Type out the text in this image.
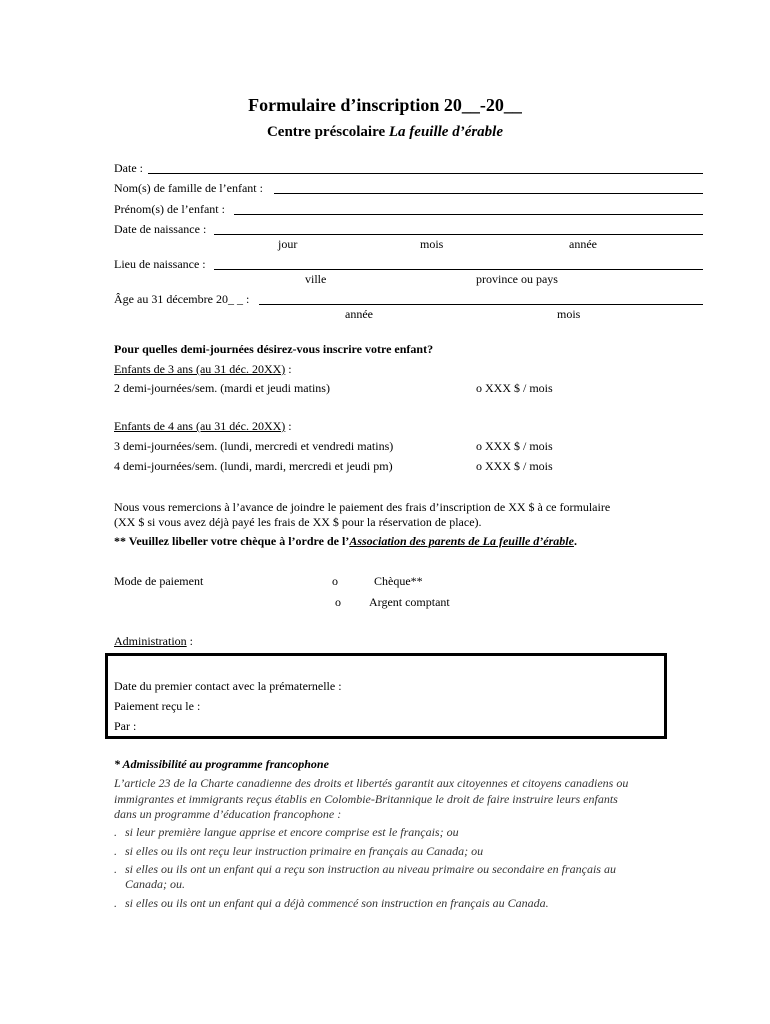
Formulaire d’inscription 20__-20__
Centre préscolaire La feuille d’érable
Date :
Nom(s) de famille de l’enfant :
Prénom(s) de l’enfant :
Date de naissance :
jour	mois	année
Lieu de naissance :
ville	province ou pays
Âge au 31 décembre 20_ _ :
année	mois
Pour quelles demi-journées désirez-vous inscrire votre enfant?
Enfants de 3 ans (au 31 déc. 20XX) :
2 demi-journées/sem. (mardi et jeudi matins)	o XXX $ / mois
Enfants de 4 ans (au 31 déc. 20XX) :
3 demi-journées/sem. (lundi, mercredi et vendredi matins)	o XXX $ / mois
4 demi-journées/sem. (lundi, mardi, mercredi et jeudi pm)	o XXX $ / mois
Nous vous remercions à l’avance de joindre le paiement des frais d’inscription de XX $ à ce formulaire
(XX $ si vous avez déjà payé les frais de XX $ pour la réservation de place).
** Veuillez libeller votre chèque à l’ordre de l’Association des parents de La feuille d’érable.
Mode de paiement	o	Chèque**
o Argent comptant
Administration :
Date du premier contact avec la prématernelle :
Paiement reçu le :
Par :
* Admissibilité au programme francophone
L’article 23 de la Charte canadienne des droits et libertés garantit aux citoyennes et citoyens canadiens ou
immigrantes et immigrants reçus établis en Colombie-Britannique le droit de faire instruire leurs enfants
dans un programme d’éducation francophone :
. si leur première langue apprise et encore comprise est le français; ou
. si elles ou ils ont reçu leur instruction primaire en français au Canada; ou
. si elles ou ils ont un enfant qui a reçu son instruction au niveau primaire ou secondaire en français au
Canada; ou.
. si elles ou ils ont un enfant qui a déjà commencé son instruction en français au Canada.
